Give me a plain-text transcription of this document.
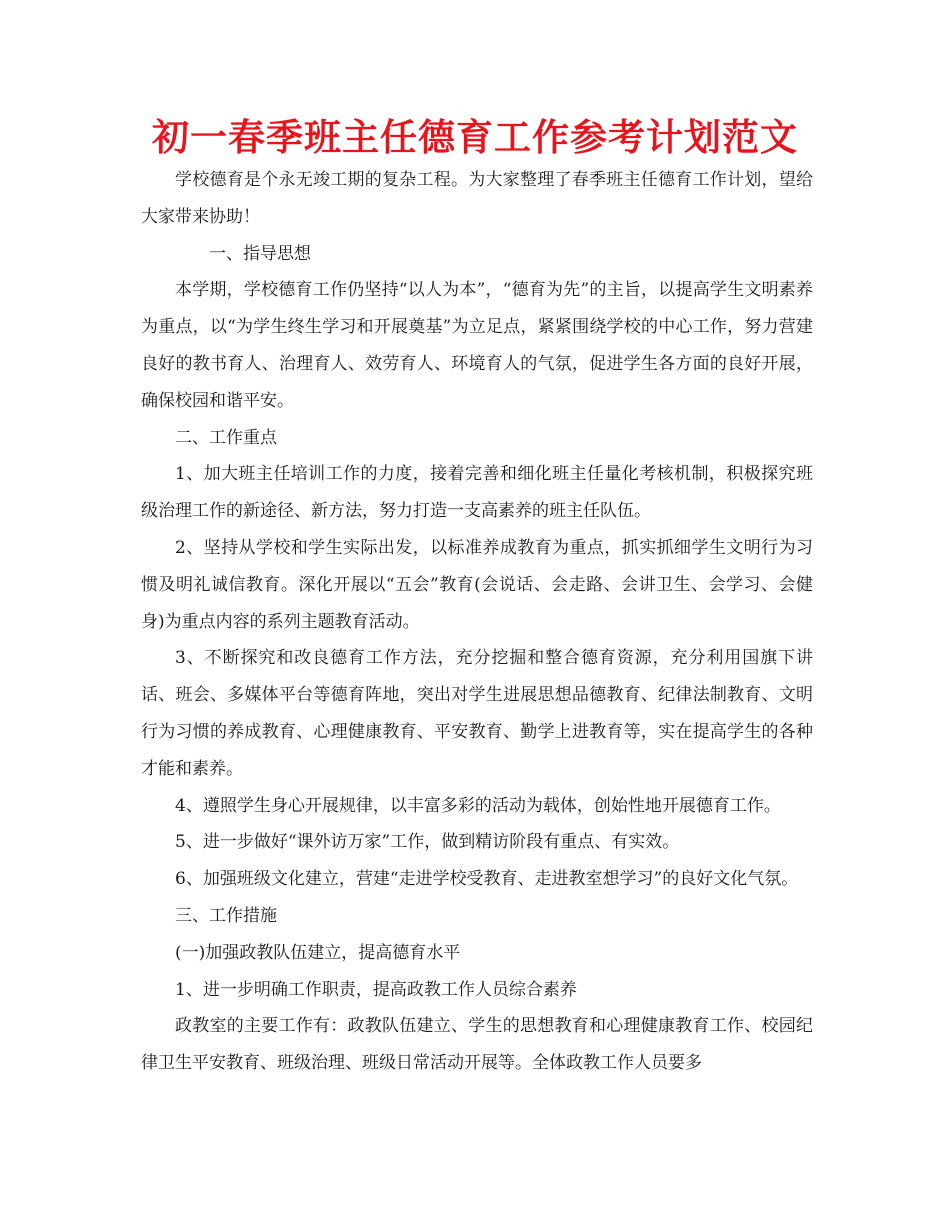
初一春季班主任德育工作参考计划范文

学校德育是个永无竣工期的复杂工程。为大家整理了春季班主任德育工作计划，望给大家带来协助！

一、指导思想

本学期，学校德育工作仍坚持“以人为本”，“德育为先”的主旨，以提高学生文明素养为重点，以“为学生终生学习和开展奠基”为立足点，紧紧围绕学校的中心工作，努力营建良好的教书育人、治理育人、效劳育人、环境育人的气氛，促进学生各方面的良好开展，确保校园和谐平安。

二、工作重点

1、加大班主任培训工作的力度，接着完善和细化班主任量化考核机制，积极探究班级治理工作的新途径、新方法，努力打造一支高素养的班主任队伍。

2、坚持从学校和学生实际出发，以标准养成教育为重点，抓实抓细学生文明行为习惯及明礼诚信教育。深化开展以“五会”教育(会说话、会走路、会讲卫生、会学习、会健身)为重点内容的系列主题教育活动。

3、不断探究和改良德育工作方法，充分挖掘和整合德育资源，充分利用国旗下讲话、班会、多媒体平台等德育阵地，突出对学生进展思想品德教育、纪律法制教育、文明行为习惯的养成教育、心理健康教育、平安教育、勤学上进教育等，实在提高学生的各种才能和素养。

4、遵照学生身心开展规律，以丰富多彩的活动为载体，创始性地开展德育工作。

5、进一步做好“课外访万家”工作，做到精访阶段有重点、有实效。

6、加强班级文化建立，营建“走进学校受教育、走进教室想学习”的良好文化气氛。

三、工作措施

(一)加强政教队伍建立，提高德育水平

1、进一步明确工作职责，提高政教工作人员综合素养

政教室的主要工作有：政教队伍建立、学生的思想教育和心理健康教育工作、校园纪律卫生平安教育、班级治理、班级日常活动开展等。全体政教工作人员要多
